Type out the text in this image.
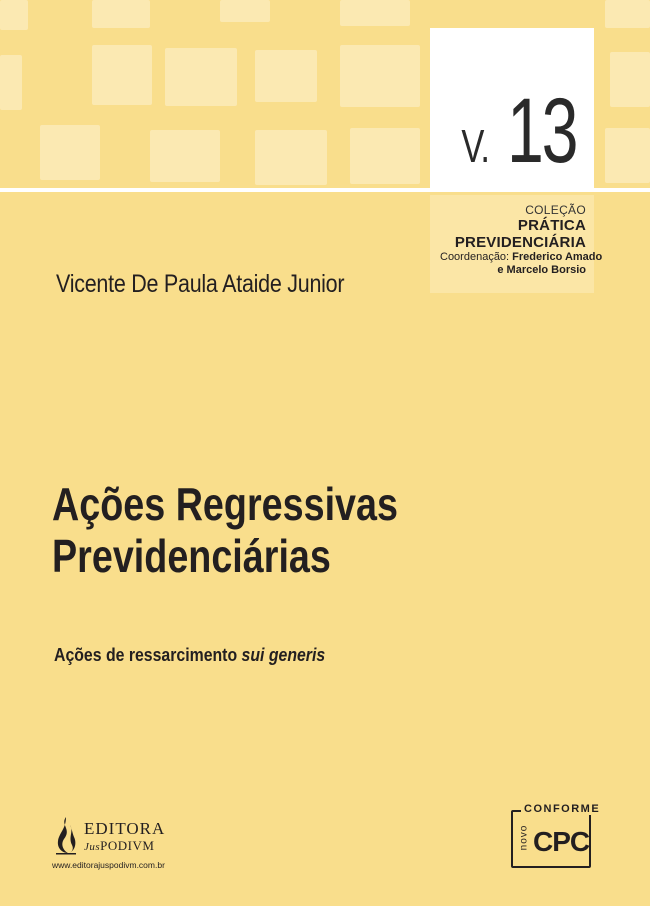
V. 13
COLEÇÃO
PRÁTICA
PREVIDENCIÁRIA
Coordenação: Frederico Amado
e Marcelo Borsio
Vicente De Paula Ataide Junior
Ações Regressivas
Previdenciárias
Ações de ressarcimento sui generis
EDITORA
JusPODIVM
www.editorajuspodivm.com.br
CONFORME
novo CPC
